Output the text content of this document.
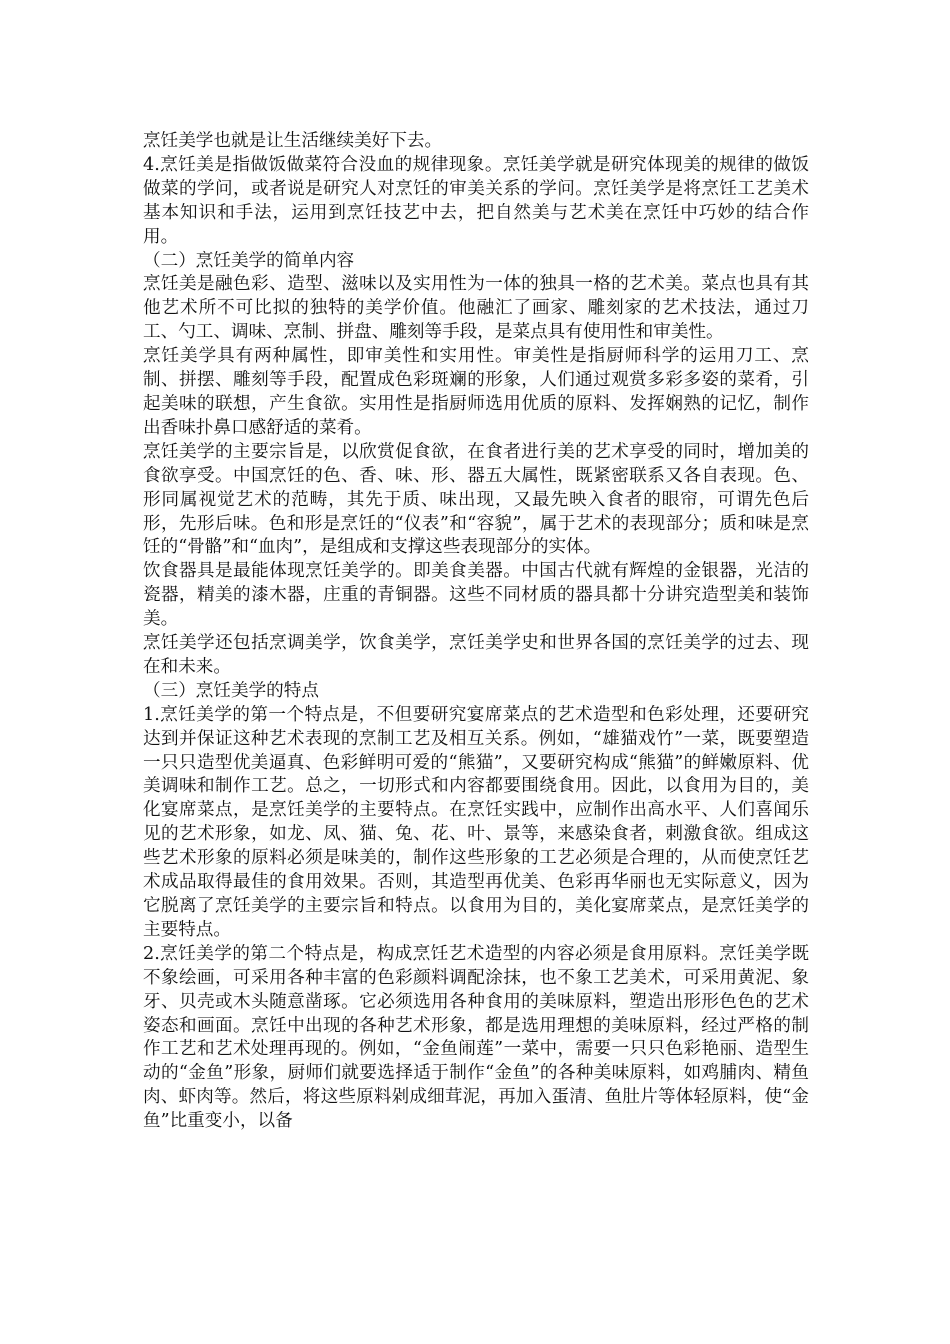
烹饪美学也就是让生活继续美好下去。

4.烹饪美是指做饭做菜符合没血的规律现象。烹饪美学就是研究体现美的规律的做饭做菜的学问，或者说是研究人对烹饪的审美关系的学问。烹饪美学是将烹饪工艺美术基本知识和手法，运用到烹饪技艺中去，把自然美与艺术美在烹饪中巧妙的结合作用。

（二）烹饪美学的简单内容

烹饪美是融色彩、造型、滋味以及实用性为一体的独具一格的艺术美。菜点也具有其他艺术所不可比拟的独特的美学价值。他融汇了画家、雕刻家的艺术技法，通过刀工、勺工、调味、烹制、拼盘、雕刻等手段，是菜点具有使用性和审美性。

烹饪美学具有两种属性，即审美性和实用性。审美性是指厨师科学的运用刀工、烹制、拼摆、雕刻等手段，配置成色彩斑斓的形象，人们通过观赏多彩多姿的菜肴，引起美味的联想，产生食欲。实用性是指厨师选用优质的原料、发挥娴熟的记忆，制作出香味扑鼻口感舒适的菜肴。

烹饪美学的主要宗旨是，以欣赏促食欲，在食者进行美的艺术享受的同时，增加美的食欲享受。中国烹饪的色、香、味、形、器五大属性，既紧密联系又各自表现。色、形同属视觉艺术的范畴，其先于质、味出现，又最先映入食者的眼帘，可谓先色后形，先形后味。色和形是烹饪的“仪表”和“容貌”，属于艺术的表现部分；质和味是烹饪的“骨骼”和“血肉”，是组成和支撑这些表现部分的实体。

饮食器具是最能体现烹饪美学的。即美食美器。中国古代就有辉煌的金银器，光洁的瓷器，精美的漆木器，庄重的青铜器。这些不同材质的器具都十分讲究造型美和装饰美。

烹饪美学还包括烹调美学，饮食美学，烹饪美学史和世界各国的烹饪美学的过去、现在和未来。

（三）烹饪美学的特点

1.烹饪美学的第一个特点是，不但要研究宴席菜点的艺术造型和色彩处理，还要研究达到并保证这种艺术表现的烹制工艺及相互关系。例如，“雄猫戏竹”一菜，既要塑造一只只造型优美逼真、色彩鲜明可爱的“熊猫”，又要研究构成“熊猫”的鲜嫩原料、优美调味和制作工艺。总之，一切形式和内容都要围绕食用。因此，以食用为目的，美化宴席菜点，是烹饪美学的主要特点。在烹饪实践中，应制作出高水平、人们喜闻乐见的艺术形象，如龙、凤、猫、兔、花、叶、景等，来感染食者，刺激食欲。组成这些艺术形象的原料必须是味美的，制作这些形象的工艺必须是合理的，从而使烹饪艺术成品取得最佳的食用效果。否则，其造型再优美、色彩再华丽也无实际意义，因为它脱离了烹饪美学的主要宗旨和特点。以食用为目的，美化宴席菜点，是烹饪美学的主要特点。

2.烹饪美学的第二个特点是，构成烹饪艺术造型的内容必须是食用原料。烹饪美学既不象绘画，可采用各种丰富的色彩颜料调配涂抹，也不象工艺美术，可采用黄泥、象牙、贝壳或木头随意凿琢。它必须选用各种食用的美味原料，塑造出形形色色的艺术姿态和画面。烹饪中出现的各种艺术形象，都是选用理想的美味原料，经过严格的制作工艺和艺术处理再现的。例如，“金鱼闹莲”一菜中，需要一只只色彩艳丽、造型生动的“金鱼”形象，厨师们就要选择适于制作“金鱼”的各种美味原料，如鸡脯肉、精鱼肉、虾肉等。然后，将这些原料剁成细茸泥，再加入蛋清、鱼肚片等体轻原料，使“金鱼”比重变小，以备
